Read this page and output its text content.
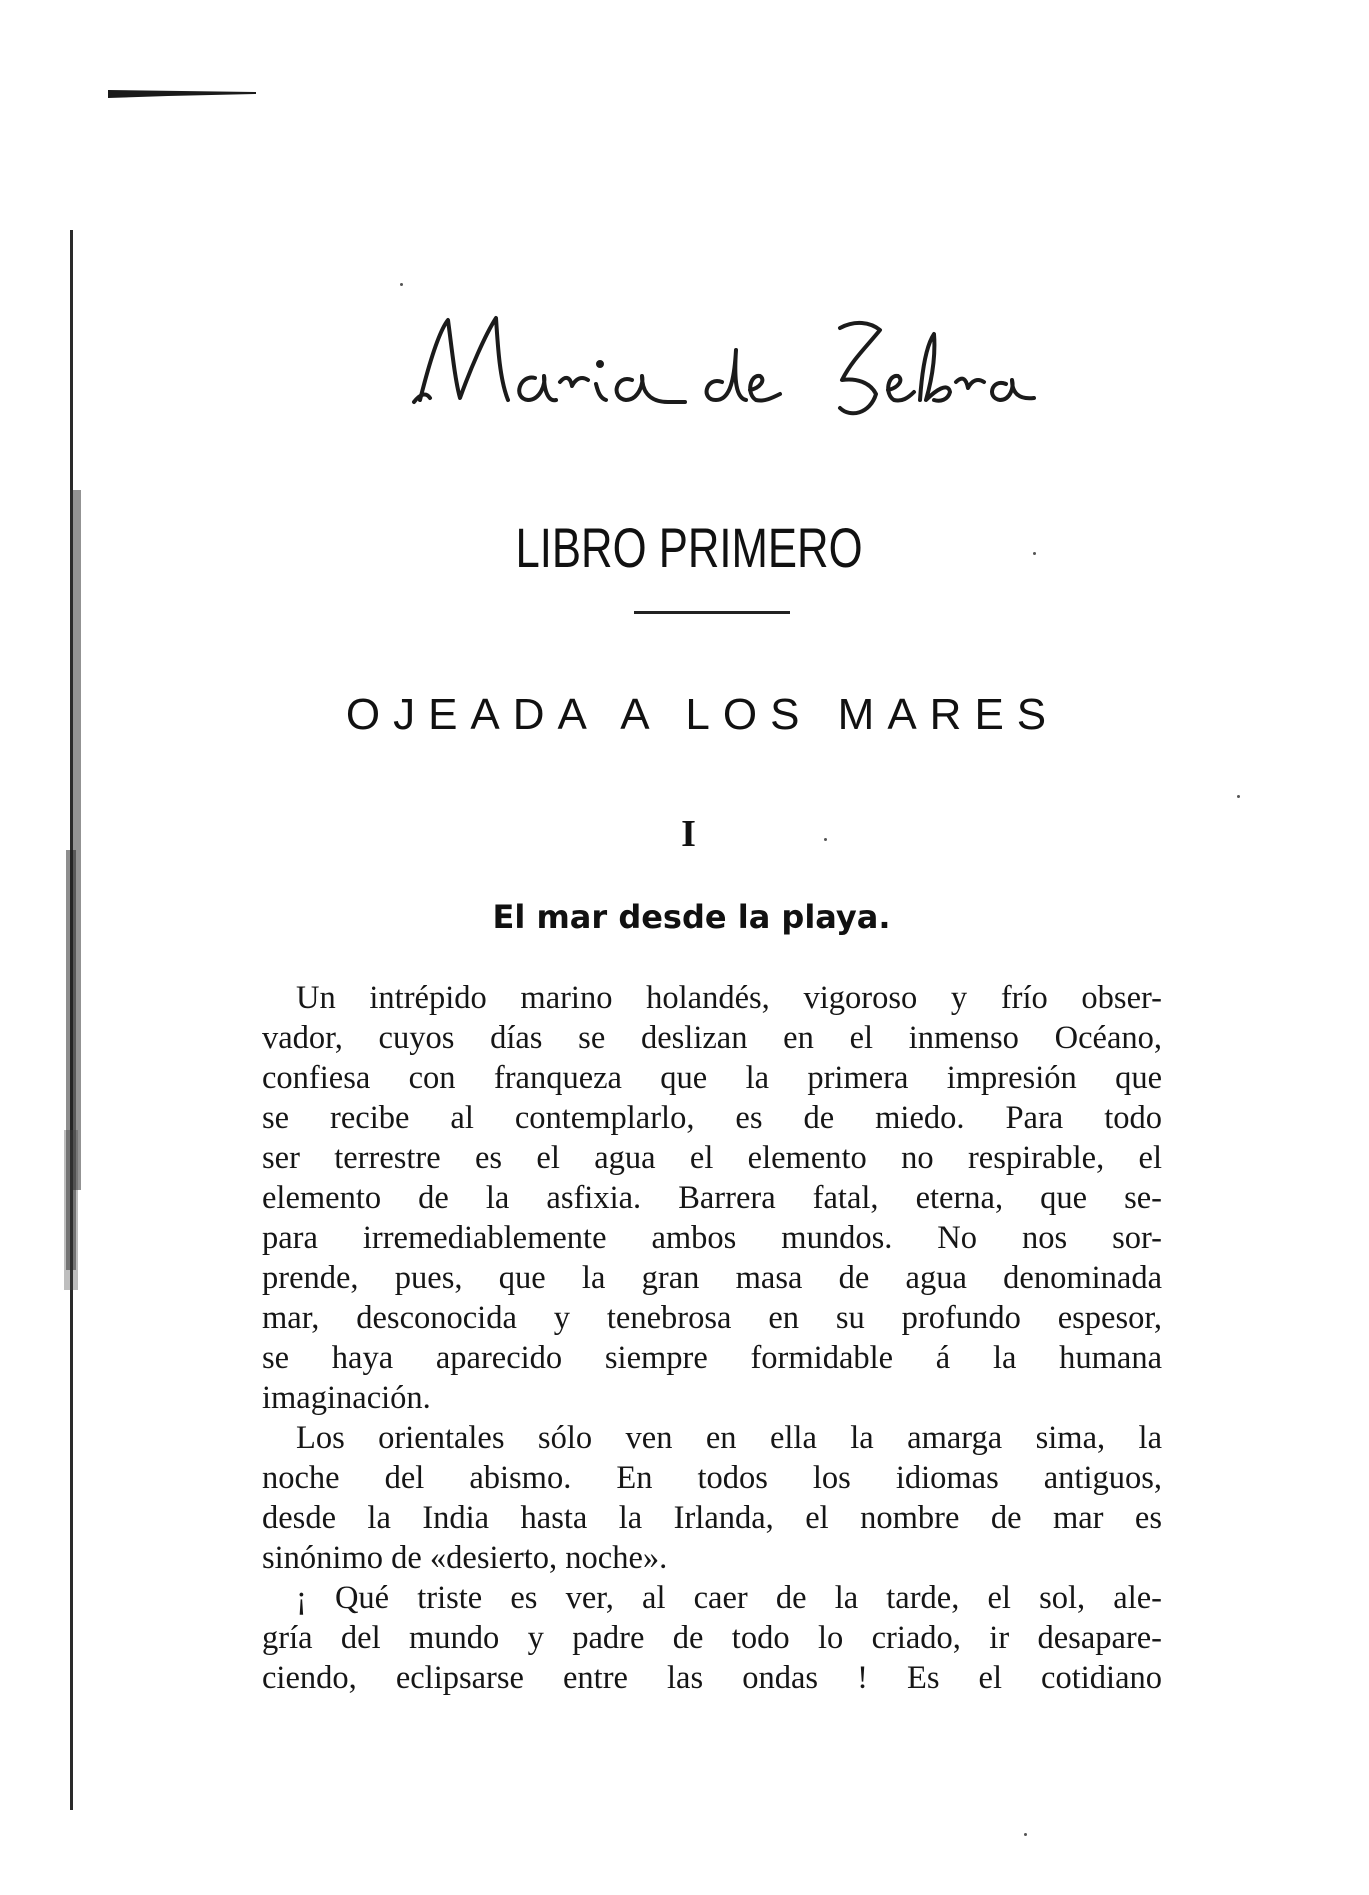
LIBRO PRIMERO
OJEADA A LOS MARES
I
El mar desde la playa.
Un intrépido marino holandés, vigoroso y frío obser-
vador, cuyos días se deslizan en el inmenso Océano,
confiesa con franqueza que la primera impresión que
se recibe al contemplarlo, es de miedo. Para todo
ser terrestre es el agua el elemento no respirable, el
elemento de la asfixia. Barrera fatal, eterna, que se-
para irremediablemente ambos mundos. No nos sor-
prende, pues, que la gran masa de agua denominada
mar, desconocida y tenebrosa en su profundo espesor,
se haya aparecido siempre formidable á la humana
imaginación.
Los orientales sólo ven en ella la amarga sima, la
noche del abismo. En todos los idiomas antiguos,
desde la India hasta la Irlanda, el nombre de mar es
sinónimo de «desierto, noche».
¡ Qué triste es ver, al caer de la tarde, el sol, ale-
gría del mundo y padre de todo lo criado, ir desapare-
ciendo, eclipsarse entre las ondas ! Es el cotidiano
